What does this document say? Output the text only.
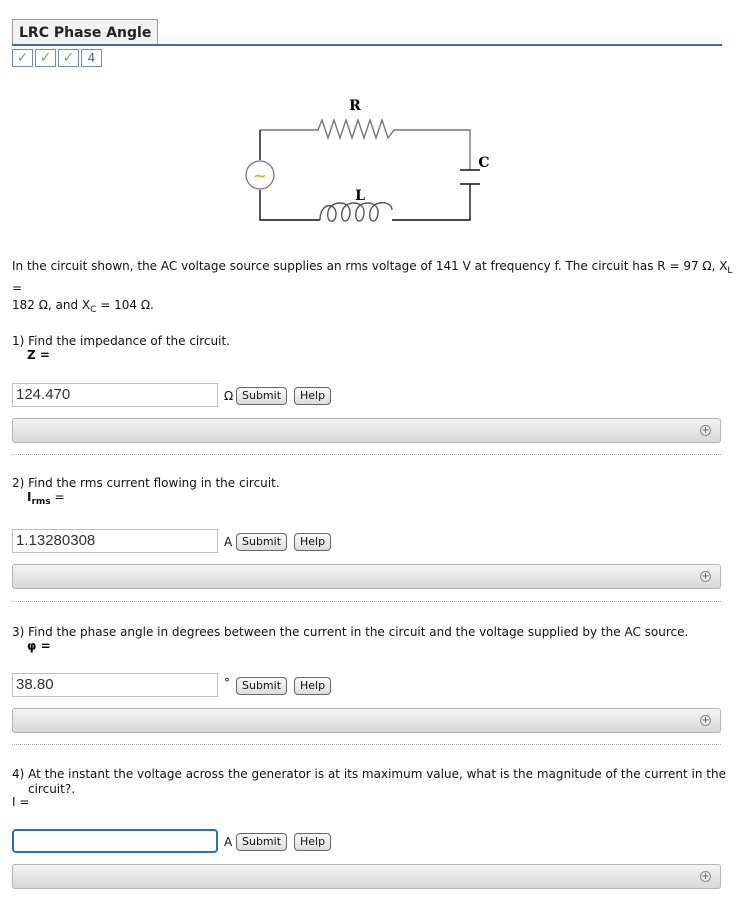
LRC Phase Angle
✓ ✓ ✓	4
~
R
L
C
In the circuit shown, the AC voltage source supplies an rms voltage of 141 V at frequency f. The circuit has R = 97 Ω, $X_L$ =
182 Ω, and $X_C = 104$ Ω.
1) Find the impedance of the circuit.
Z =
124.470	Ω Submit	Help
+
2) Find the rms current flowing in the circuit.
$I_{rms}$ =
1.13280308	A Submit	Help
+
3) Find the phase angle in degrees between the current in the circuit and the voltage supplied by the AC source.
φ =
38.80	°	Submit	Help
+
4) At the instant the voltage across the generator is at its maximum value, what is the magnitude of the current in the
circuit?.
I =
A Submit	Help
+
